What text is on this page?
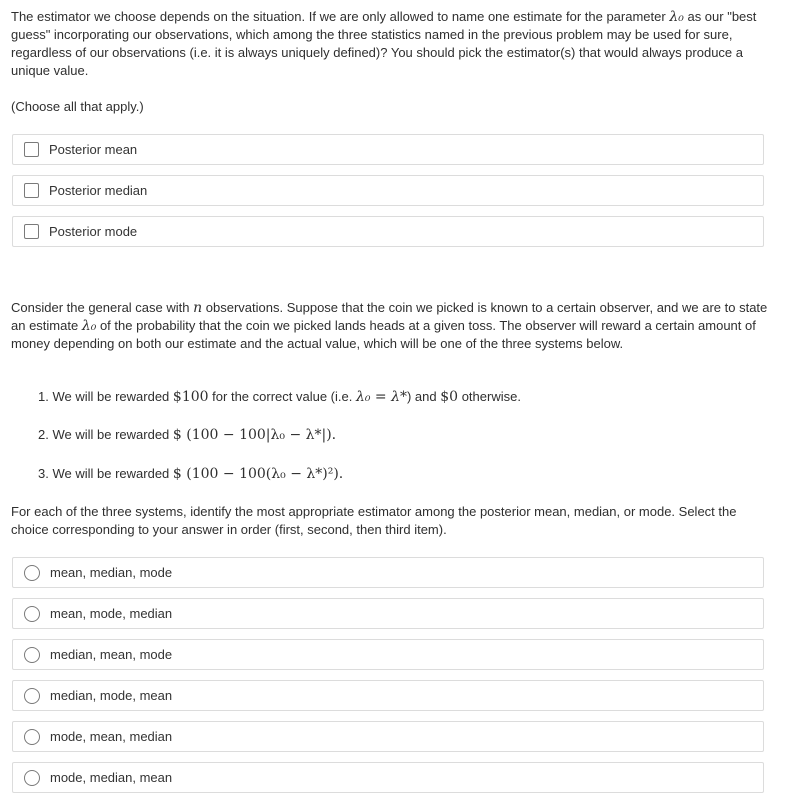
The estimator we choose depends on the situation. If we are only allowed to name one estimate for the parameter λ₀ as our "best guess" incorporating our observations, which among the three statistics named in the previous problem may be used for sure, regardless of our observations (i.e. it is always uniquely defined)? You should pick the estimator(s) that would always produce a unique value.

(Choose all that apply.)

Posterior mean
Posterior median
Posterior mode

Consider the general case with n observations. Suppose that the coin we picked is known to a certain observer, and we are to state an estimate λ₀ of the probability that the coin we picked lands heads at a given toss. The observer will reward a certain amount of money depending on both our estimate and the actual value, which will be one of the three systems below.

1. We will be rewarded $100 for the correct value (i.e. λ₀ = λ*) and $0 otherwise.
2. We will be rewarded $ (100 − 100|λ₀ − λ*|).
3. We will be rewarded $ (100 − 100(λ₀ − λ*)²).

For each of the three systems, identify the most appropriate estimator among the posterior mean, median, or mode. Select the choice corresponding to your answer in order (first, second, then third item).

mean, median, mode
mean, mode, median
median, mean, mode
median, mode, mean
mode, mean, median
mode, median, mean
